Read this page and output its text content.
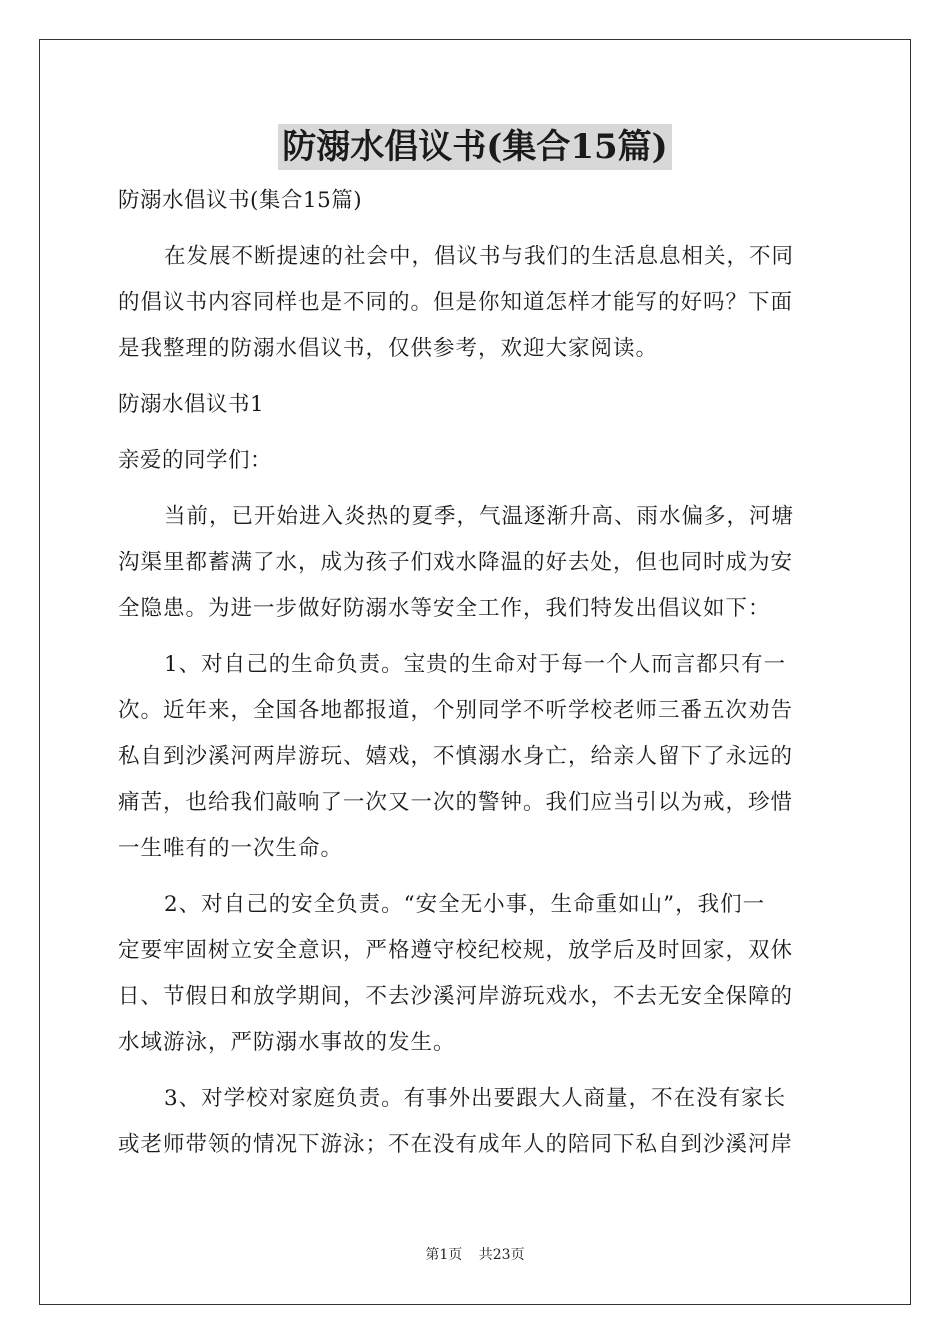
防溺水倡议书(集合15篇)

防溺水倡议书(集合15篇)

在发展不断提速的社会中，倡议书与我们的生活息息相关，不同

的倡议书内容同样也是不同的。但是你知道怎样才能写的好吗？下面

是我整理的防溺水倡议书，仅供参考，欢迎大家阅读。

防溺水倡议书1

亲爱的同学们：

当前，已开始进入炎热的夏季，气温逐渐升高、雨水偏多，河塘

沟渠里都蓄满了水，成为孩子们戏水降温的好去处，但也同时成为安

全隐患。为进一步做好防溺水等安全工作，我们特发出倡议如下：

1、对自己的生命负责。宝贵的生命对于每一个人而言都只有一

次。近年来，全国各地都报道，个别同学不听学校老师三番五次劝告

私自到沙溪河两岸游玩、嬉戏，不慎溺水身亡，给亲人留下了永远的

痛苦，也给我们敲响了一次又一次的警钟。我们应当引以为戒，珍惜

一生唯有的一次生命。

2、对自己的安全负责。“安全无小事，生命重如山”，我们一

定要牢固树立安全意识，严格遵守校纪校规，放学后及时回家，双休

日、节假日和放学期间，不去沙溪河岸游玩戏水，不去无安全保障的

水域游泳，严防溺水事故的发生。

3、对学校对家庭负责。有事外出要跟大人商量，不在没有家长

或老师带领的情况下游泳；不在没有成年人的陪同下私自到沙溪河岸

第1页 共23页
